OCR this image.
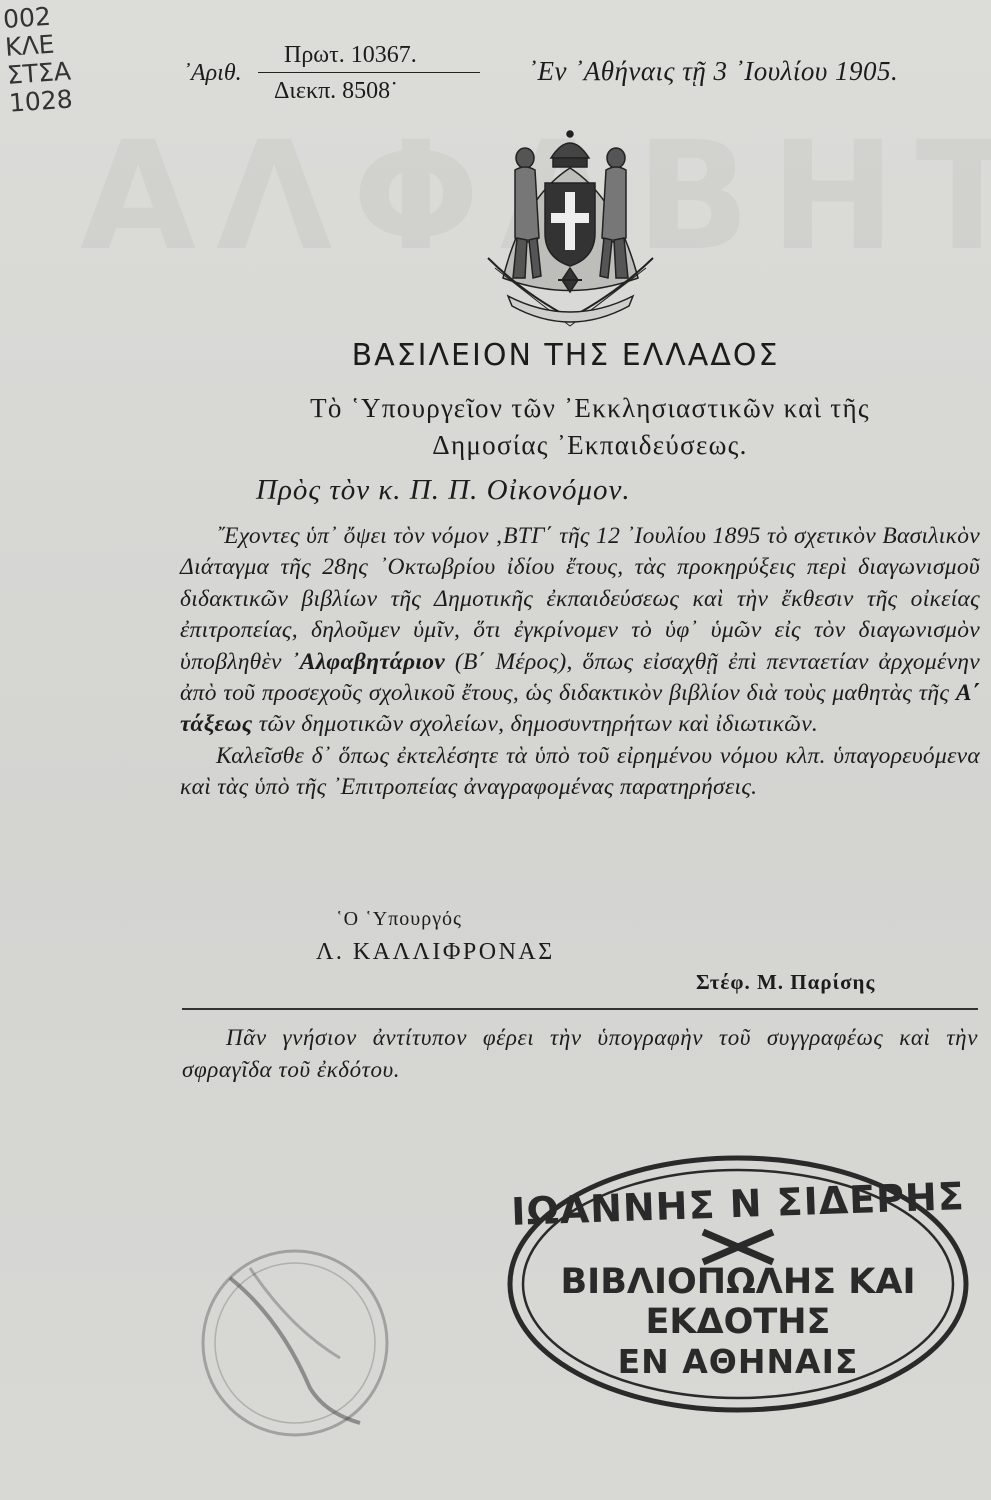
002
ΚΛΕ
ΣΤΣΑ
1028
᾿Αριθ.
Πρωτ. 10367.
Διεκπ. 8508˙
᾿Εν ᾿Αθήναις τῇ 3 ᾿Ιουλίου 1905.
ΒΑΣΙΛΕΙΟΝ ΤΗΣ ΕΛΛΑΔΟΣ
Τὸ ῾Υπουργεῖον τῶν ᾿Εκκλησιαστικῶν καὶ τῆς
Δημοσίας ᾿Εκπαιδεύσεως.
Πρὸς τὸν κ. Π. Π. Οἰκονόμον.

῎Εχοντες ὑπ᾿ ὄψει τὸν νόμον ‚ΒΤΓ΄ τῆς 12 ᾿Ιουλίου 1895 τὸ σχετικὸν Βασιλικὸν Διάταγμα τῆς 28ης ᾿Οκτωβρίου ἰδίου ἔτους, τὰς προκηρύξεις περὶ διαγωνισμοῦ διδακτικῶν βιβλίων τῆς Δημοτικῆς ἐκπαιδεύσεως καὶ τὴν ἔκθεσιν τῆς οἰκείας ἐπιτροπείας, δηλοῦμεν ὑμῖν, ὅτι ἐγκρίνομεν τὸ ὑφ᾿ ὑμῶν εἰς τὸν διαγωνισμὸν ὑποβληθὲν ᾿Αλφαβητάριον (Β΄ Μέρος), ὅπως εἰσαχθῇ ἐπὶ πενταετίαν ἀρχομένην ἀπὸ τοῦ προσεχοῦς σχολικοῦ ἔτους, ὡς διδακτικὸν βιβλίον διὰ τοὺς μαθητὰς τῆς Α΄ τάξεως τῶν δημοτικῶν σχολείων, δημοσυντηρήτων καὶ ἰδιωτικῶν.

Καλεῖσθε δ᾿ ὅπως ἐκτελέσητε τὰ ὑπὸ τοῦ εἰρημένου νόμου κλπ. ὑπαγορευόμενα καὶ τὰς ὑπὸ τῆς ᾿Επιτροπείας ἀναγραφομένας παρατηρήσεις.

῾Ο ῾Υπουργός
Λ. ΚΑΛΛΙΦΡΟΝΑΣ
Στέφ. Μ. Παρίσης

Πᾶν γνήσιον ἀντίτυπον φέρει τὴν ὑπογραφὴν τοῦ συγγραφέως καὶ τὴν σφραγῖδα τοῦ ἐκδότου.

ΙΩΑΝΝΗΣ Ν ΣΙΔΕΡΗΣ
ΒΙΒΛΙΟΠΩΛΗΣ ΚΑΙ ΕΚΔΟΤΗΣ
ΕΝ ΑΘΗΝΑΙΣ
